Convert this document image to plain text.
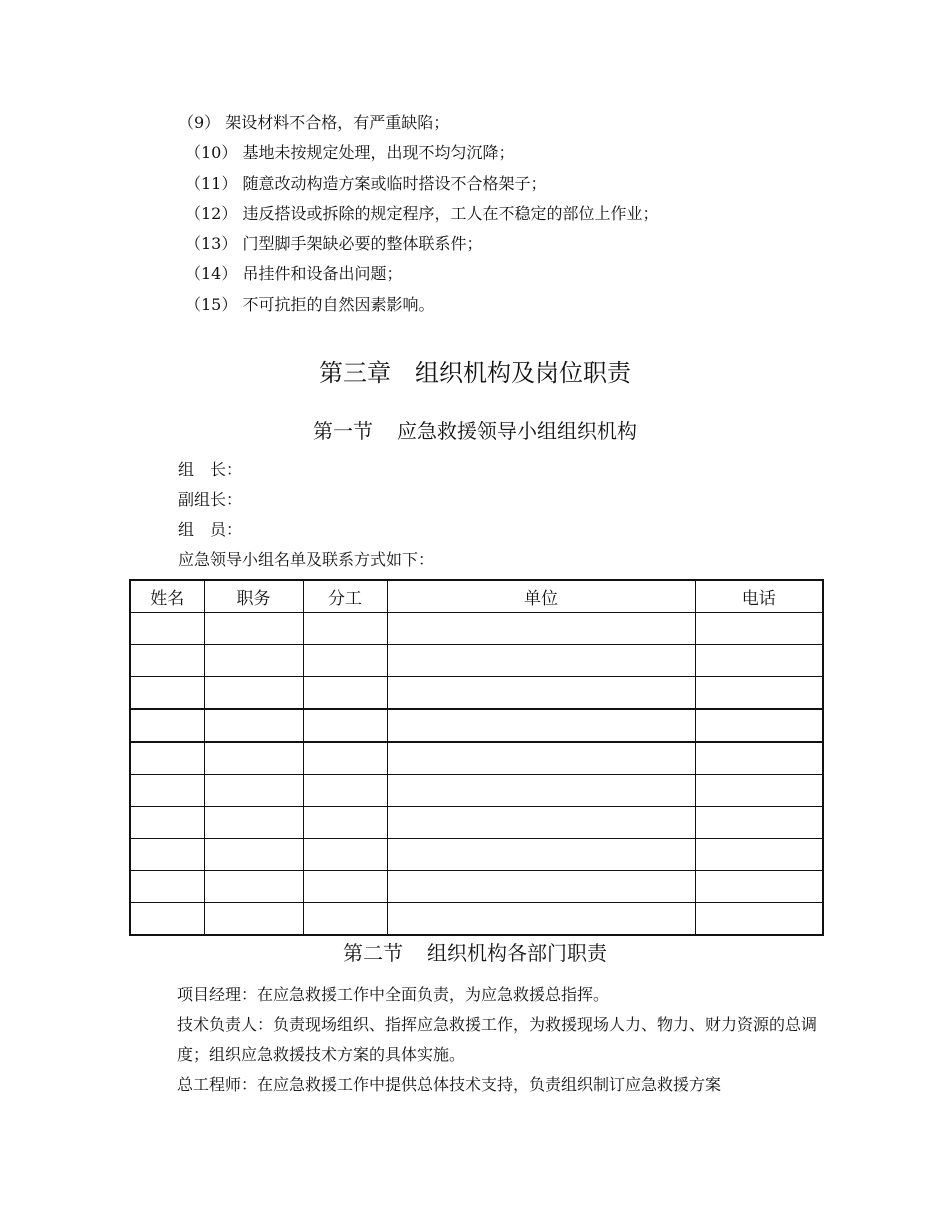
（9） 架设材料不合格，有严重缺陷；
（10） 基地未按规定处理，出现不均匀沉降；
（11） 随意改动构造方案或临时搭设不合格架子；
（12） 违反搭设或拆除的规定程序，工人在不稳定的部位上作业；
（13） 门型脚手架缺必要的整体联系件；
（14） 吊挂件和设备出问题；
（15） 不可抗拒的自然因素影响。
第三章 组织机构及岗位职责
第一节 应急救援领导小组组织机构
组　长：
副组长：
组　员：
应急领导小组名单及联系方式如下：
姓名	职务	分工	单位	电话

第二节 组织机构各部门职责
项目经理：在应急救援工作中全面负责，为应急救援总指挥。
技术负责人：负责现场组织、指挥应急救援工作，为救援现场人力、物力、财力资源的总调度；组织应急救援技术方案的具体实施。
总工程师：在应急救援工作中提供总体技术支持，负责组织制订应急救援方案
